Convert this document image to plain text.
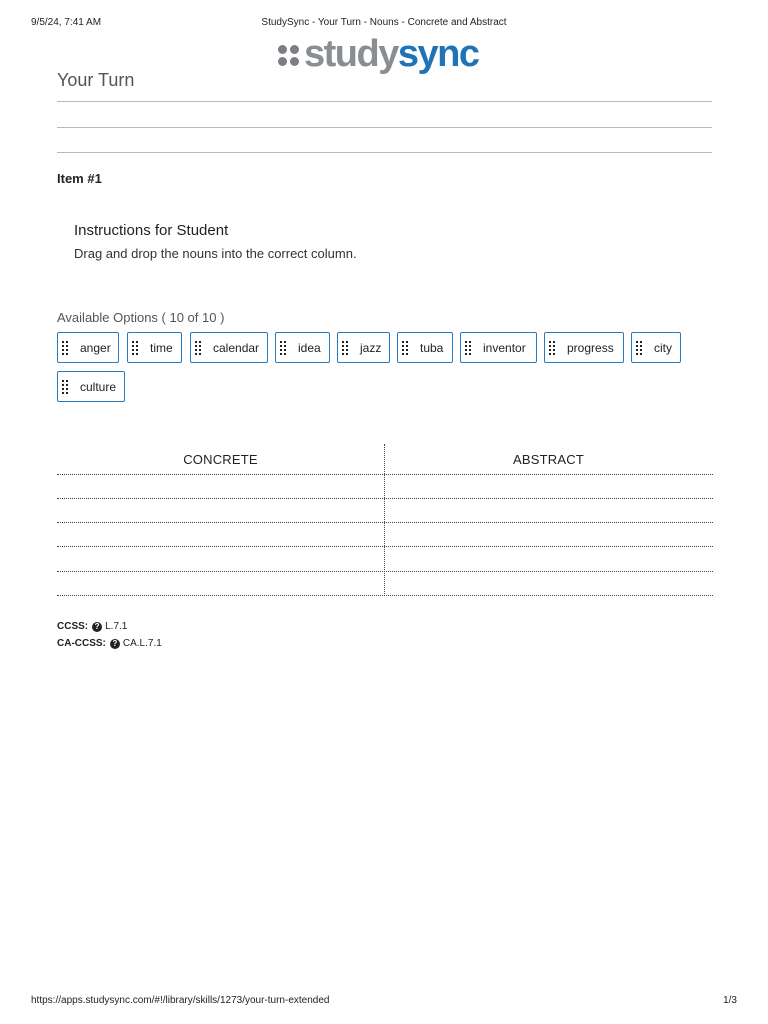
9/5/24, 7:41 AM	StudySync - Your Turn - Nouns - Concrete and Abstract
study sync
Your Turn
Item #1
Instructions for Student
Drag and drop the nouns into the correct column.
Available Options ( 10 of 10 )
anger	time	calendar	idea	jazz	tuba	inventor	progress	city
culture
CONCRETE	ABSTRACT
CCSS: ? L.7.1
CA-CCSS: ? CA.L.7.1
https://apps.studysync.com/#!/library/skills/1273/your-turn-extended	1/3
